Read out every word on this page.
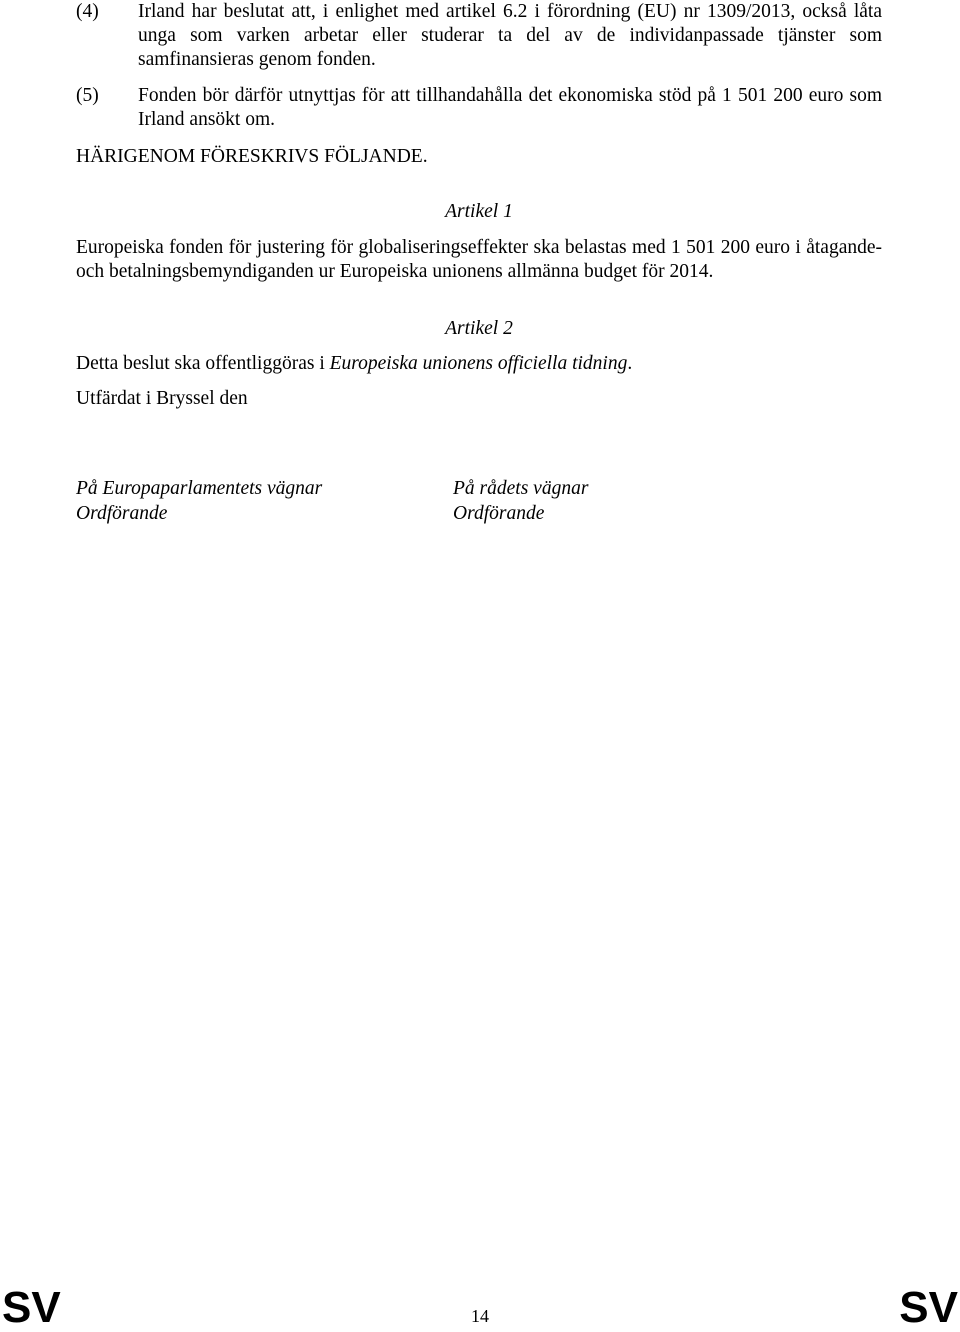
(4) Irland har beslutat att, i enlighet med artikel 6.2 i förordning (EU) nr 1309/2013, också låta unga som varken arbetar eller studerar ta del av de individanpassade tjänster som samfinansieras genom fonden.
(5) Fonden bör därför utnyttjas för att tillhandahålla det ekonomiska stöd på 1 501 200 euro som Irland ansökt om.
HÄRIGENOM FÖRESKRIVS FÖLJANDE.
Artikel 1
Europeiska fonden för justering för globaliseringseffekter ska belastas med 1 501 200 euro i åtagande- och betalningsbemyndiganden ur Europeiska unionens allmänna budget för 2014.
Artikel 2
Detta beslut ska offentliggöras i Europeiska unionens officiella tidning.
Utfärdat i Bryssel den
På Europaparlamentets vägnar
Ordförande
På rådets vägnar
Ordförande
SV	14	SV
